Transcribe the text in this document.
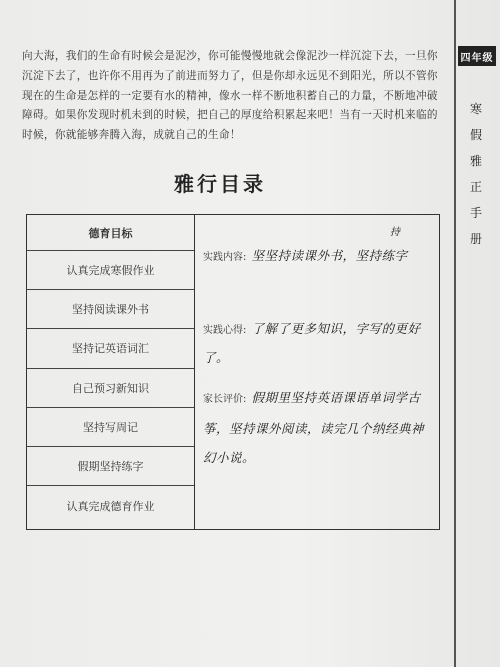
向大海，我们的生命有时候会是泥沙，你可能慢慢地就会像泥沙一样沉淀下去，一旦你沉淀下去了，也许你不用再为了前进而努力了，但是你却永远见不到阳光，所以不管你现在的生命是怎样的一定要有水的精神，像水一样不断地积蓄自己的力量，不断地冲破障碍。如果你发现时机未到的时候，把自己的厚度给积累起来吧！当有一天时机来临的时候，你就能够奔腾入海，成就自己的生命！
四年级
寒假雅正手册
雅行目录
德育目标
认真完成寒假作业
坚持阅读课外书
坚持记英语词汇
自己预习新知识
坚持写周记
假期坚持练字
认真完成德育作业
持
实践内容: 坚坚持读课外书，坚持练字
实践心得: 了解了更多知识，字写的更好了。
家长评价: 假期里坚持英语课语单词学古筝，坚持课外阅读，读完几个纳经典神幻小说。
